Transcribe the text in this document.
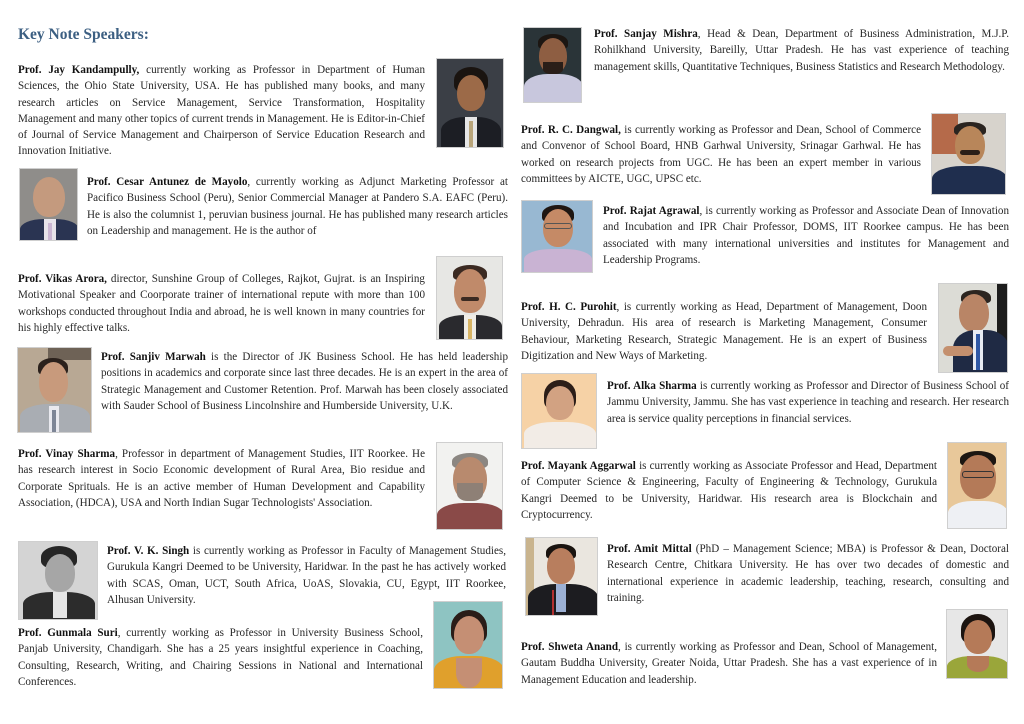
Key Note Speakers:
Prof. Jay Kandampully, currently working as Professor in Department of Human Sciences, the Ohio State University, USA. He has published many books, and many research articles on Service Management, Service Transformation, Hospitality Management and many other topics of current trends in Management. He is Editor-in-Chief of Journal of Service Management and Chairperson of Service Education Research and Innovation Initiative.
Prof. Cesar Antunez de Mayolo, currently working as Adjunct Marketing Professor at Pacifico Business School (Peru), Senior Commercial Manager at Pandero S.A. EAFC (Peru). He is also the columnist 1, peruvian business journal. He has published many research articles on Leadership and management. He is the author of
Prof. Vikas Arora, director, Sunshine Group of Colleges, Rajkot, Gujrat. is an Inspiring Motivational Speaker and Coorporate trainer of international repute with more than 100 workshops conducted throughout India and abroad, he is well known in many countries for his highly effective talks.
Prof. Sanjiv Marwah is the Director of JK Business School. He has held leadership positions in academics and corporate since last three decades. He is an expert in the area of Strategic Management and Customer Retention. Prof. Marwah has been closely associated with Sauder School of Business Lincolnshire and Humberside University, U.K.
Prof. Vinay Sharma, Professor in department of Management Studies, IIT Roorkee. He has research interest in Socio Economic development of Rural Area, Bio residue and Corporate Sprituals. He is an active member of Human Development and Capability Association, (HDCA), USA and North Indian Sugar Technologists' Association.
Prof. V. K. Singh is currently working as Professor in Faculty of Management Studies, Gurukula Kangri Deemed to be University, Haridwar. In the past he has actively worked with SCAS, Oman, UCT, South Africa, UoAS, Slovakia, CU, Egypt, IIT Roorkee, Alhusan University.
Prof. Gunmala Suri, currently working as Professor in University Business School, Panjab University, Chandigarh. She has a 25 years insightful experience in Coaching, Consulting, Research, Writing, and Chairing Sessions in National and International Conferences.
Prof. Sanjay Mishra, Head & Dean, Department of Business Administration, M.J.P. Rohilkhand University, Bareilly, Uttar Pradesh. He has vast experience of teaching management skills, Quantitative Techniques, Business Statistics and Research Methodology.
Prof. R. C. Dangwal, is currently working as Professor and Dean, School of Commerce and Convenor of School Board, HNB Garhwal University, Srinagar Garhwal. He has worked on research projects from UGC. He has been an expert member in various committees by AICTE, UGC, UPSC etc.
Prof. Rajat Agrawal, is currently working as Professor and Associate Dean of Innovation and Incubation and IPR Chair Professor, DOMS, IIT Roorkee campus. He has been associated with many international universities and institutes for Management and Leadership Programs.
Prof. H. C. Purohit, is currently working as Head, Department of Management, Doon University, Dehradun. His area of research is Marketing Management, Consumer Behaviour, Marketing Research, Strategic Management. He is an expert of Business Digitization and New Ways of Marketing.
Prof. Alka Sharma is currently working as Professor and Director of Business School of Jammu University, Jammu. She has vast experience in teaching and research. Her research area is service quality perceptions in financial services.
Prof. Mayank Aggarwal is currently working as Associate Professor and Head, Department of Computer Science & Engineering, Faculty of Engineering & Technology, Gurukula Kangri Deemed to be University, Haridwar. His research area is Blockchain and Cryptocurrency.
Prof. Amit Mittal (PhD – Management Science; MBA) is Professor & Dean, Doctoral Research Centre, Chitkara University. He has over two decades of domestic and international experience in academic leadership, teaching, research, consulting and training.
Prof. Shweta Anand, is currently working as Professor and Dean, School of Management, Gautam Buddha University, Greater Noida, Uttar Pradesh. She has a vast experience of in Management Education and leadership.
